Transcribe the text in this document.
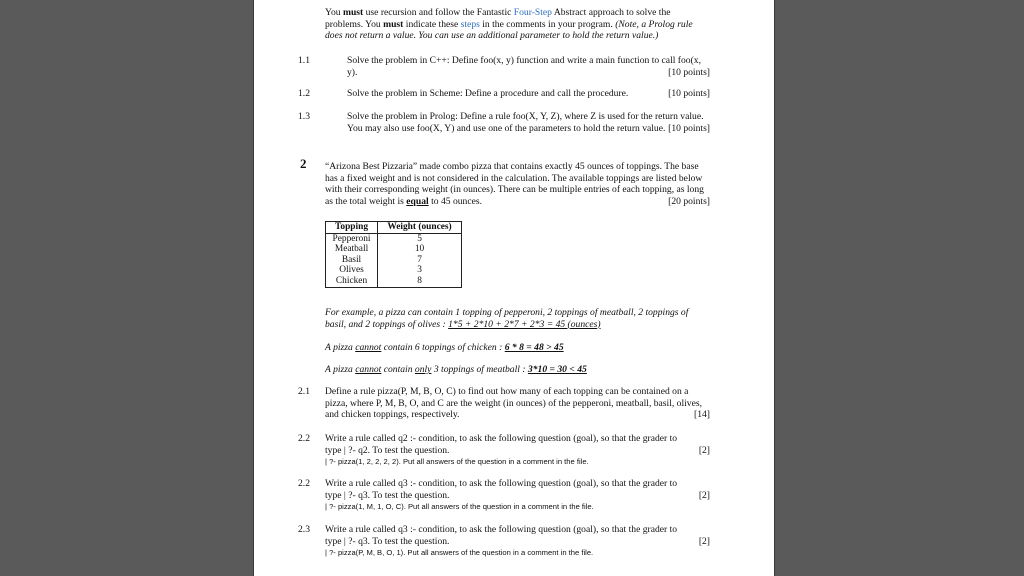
You must use recursion and follow the Fantastic Four-Step Abstract approach to solve the problems. You must indicate these steps in the comments in your program. (Note, a Prolog rule does not return a value. You can use an additional parameter to hold the return value.)
1.1	Solve the problem in C++: Define foo(x, y) function and write a main function to call foo(x, y).	[10 points]
1.2	Solve the problem in Scheme: Define a procedure and call the procedure.	[10 points]
1.3	Solve the problem in Prolog: Define a rule foo(X, Y, Z), where Z is used for the return value. You may also use foo(X, Y) and use one of the parameters to hold the return value. [10 points]
2 “Arizona Best Pizzaria” made combo pizza that contains exactly 45 ounces of toppings. The base has a fixed weight and is not considered in the calculation. The available toppings are listed below with their corresponding weight (in ounces). There can be multiple entries of each topping, as long as the total weight is equal to 45 ounces.	[20 points]
Topping	Weight (ounces)
Pepperoni	5
Meatball	10
Basil	7
Olives	3
Chicken	8
For example, a pizza can contain 1 topping of pepperoni, 2 toppings of meatball, 2 toppings of basil, and 2 toppings of olives : 1*5 + 2*10 + 2*7 + 2*3 = 45 (ounces)
A pizza cannot contain 6 toppings of chicken : 6 * 8 = 48 > 45
A pizza cannot contain only 3 toppings of meatball : 3*10 = 30 < 45
2.1 Define a rule pizza(P, M, B, O, C) to find out how many of each topping can be contained on a pizza, where P, M, B, O, and C are the weight (in ounces) of the pepperoni, meatball, basil, olives, and chicken toppings, respectively.	[14]
2.2 Write a rule called q2 :- condition, to ask the following question (goal), so that the grader to
type | ?- q2. To test the question.	[2]
| ?- pizza(1, 2, 2, 2, 2). Put all answers of the question in a comment in the file.
2.2 Write a rule called q3 :- condition, to ask the following question (goal), so that the grader to
type | ?- q3. To test the question.	[2]
| ?- pizza(1, M, 1, O, C). Put all answers of the question in a comment in the file.
2.3 Write a rule called q3 :- condition, to ask the following question (goal), so that the grader to
type | ?- q3. To test the question.	[2]
| ?- pizza(P, M, B, O, 1). Put all answers of the question in a comment in the file.
